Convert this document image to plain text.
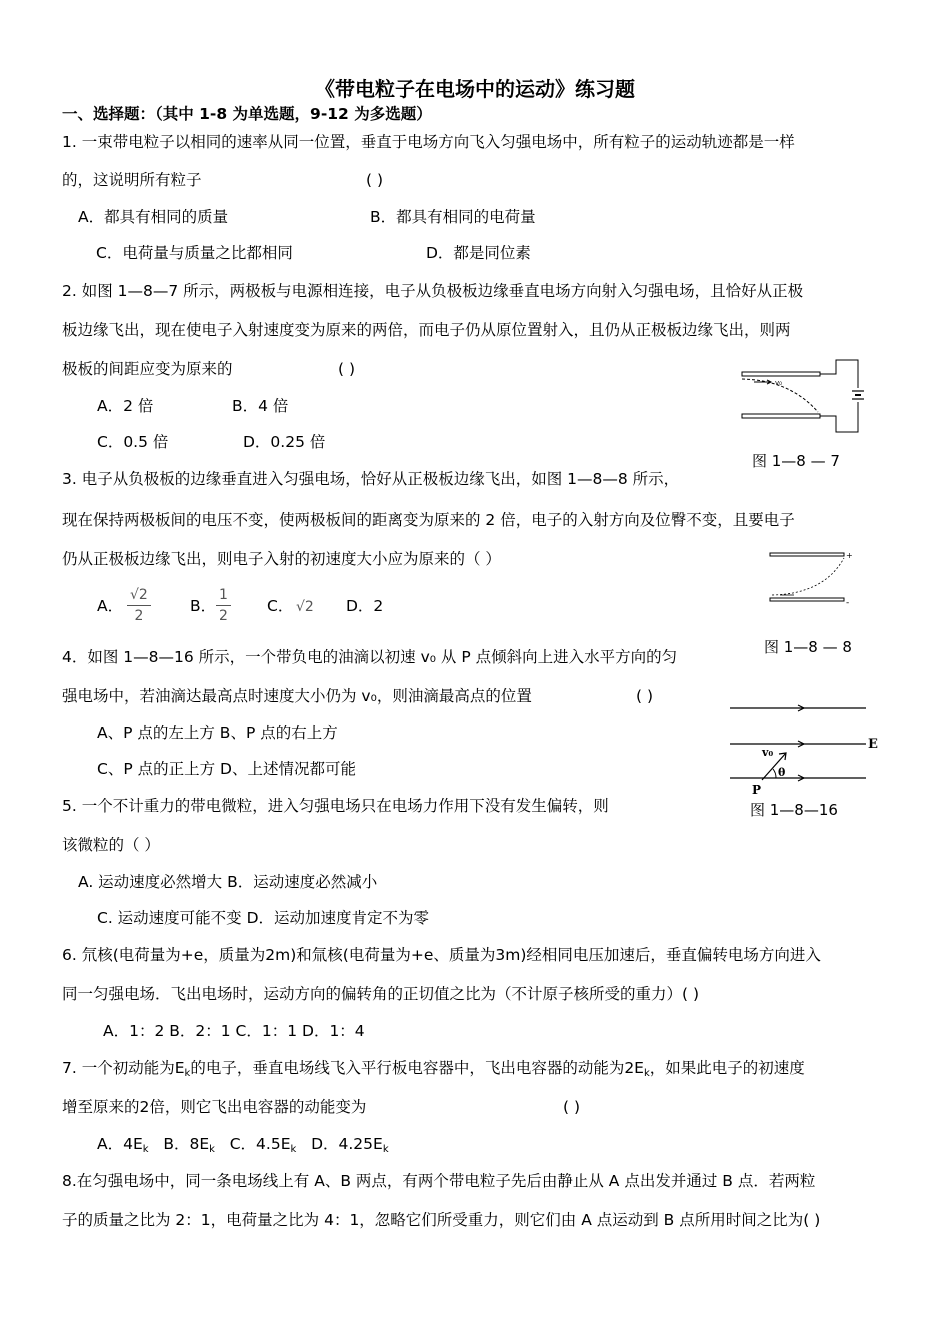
《带电粒子在电场中的运动》练习题
一、选择题：（其中 1-8 为单选题，9-12 为多选题）
1. 一束带电粒子以相同的速率从同一位置，垂直于电场方向飞入匀强电场中，所有粒子的运动轨迹都是一样
的，这说明所有粒子	( )
A．都具有相同的质量	B．都具有相同的电荷量
C．电荷量与质量之比都相同	D．都是同位素
2. 如图 1—8—7 所示，两极板与电源相连接，电子从负极板边缘垂直电场方向射入匀强电场，且恰好从正极
板边缘飞出，现在使电子入射速度变为原来的两倍，而电子仍从原位置射入，且仍从正极板边缘飞出，则两
极板的间距应变为原来的	( )
A．2 倍	B．4 倍
C．0.5 倍	D．0.25 倍
v₀
图 1—8 — 7
3. 电子从负极板的边缘垂直进入匀强电场，恰好从正极板边缘飞出，如图 1—8—8 所示，
现在保持两极板间的电压不变，使两极板间的距离变为原来的 2 倍，电子的入射方向及位臀不变，且要电子
仍从正极板边缘飞出，则电子入射的初速度大小应为原来的（ ）
A． $\frac{√2}{2}$	B． $\frac{1}{2}$ C． √2 D．2
+
-
图 1—8 — 8
4．如图 1—8—16 所示，一个带负电的油滴以初速 v₀ 从 P 点倾斜向上进入水平方向的匀
强电场中，若油滴达最高点时速度大小仍为 v₀，则油滴最高点的位置	( )
A、P 点的左上方 B、P 点的右上方
C、P 点的正上方 D、上述情况都可能
E
v₀
θ
P
图 1—8—16
5. 一个不计重力的带电微粒，进入匀强电场只在电场力作用下没有发生偏转，则
该微粒的（ ）
A. 运动速度必然增大 B．运动速度必然减小
C. 运动速度可能不变 D．运动加速度肯定不为零
6. 氘核(电荷量为+e，质量为2m)和氚核(电荷量为+e、质量为3m)经相同电压加速后，垂直偏转电场方向进入
同一匀强电场．飞出电场时，运动方向的偏转角的正切值之比为（不计原子核所受的重力）( )
A．1：2 B．2：1 C．1：1 D．1：4
7. 一个初动能为$E_k$的电子，垂直电场线飞入平行板电容器中，飞出电容器的动能为$2E_k$，如果此电子的初速度
增至原来的2倍，则它飞出电容器的动能变为	( )
A．$4E_k$ B．$8E_k$ C．$4.5E_k$ D．$4.25E_k$
8.在匀强电场中，同一条电场线上有 A、B 两点，有两个带电粒子先后由静止从 A 点出发并通过 B 点．若两粒
子的质量之比为 2：1，电荷量之比为 4：1，忽略它们所受重力，则它们由 A 点运动到 B 点所用时间之比为( )
